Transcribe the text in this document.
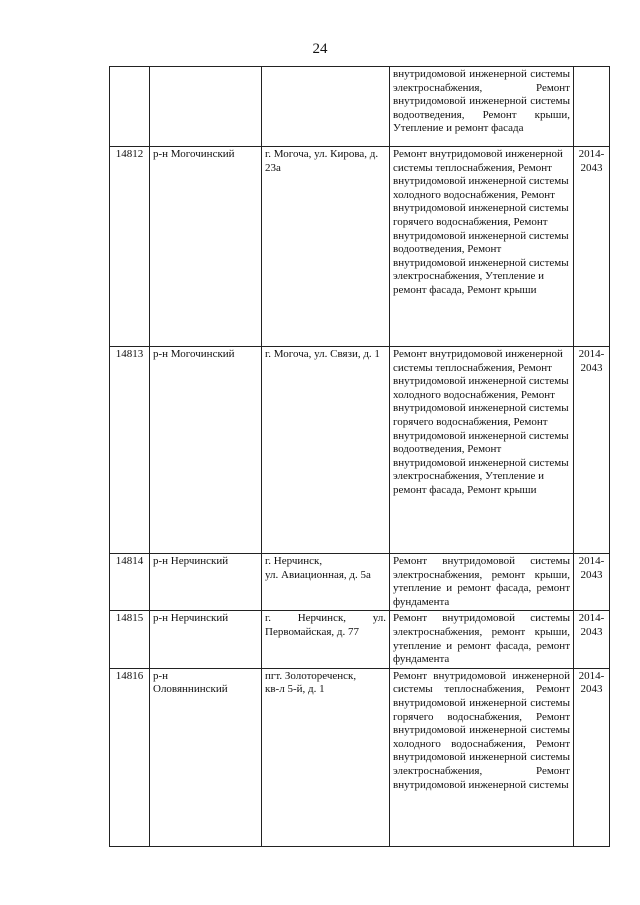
24
			внутридомовой инженерной системы электроснабжения, Ремонт внутридомовой инженерной системы водоотведения, Ремонт крыши, Утепление и ремонт фасада	
14812	р-н Могочинский	г. Могоча, ул. Кирова, д. 23а	Ремонт внутридомовой инженерной системы теплоснабжения, Ремонт внутридомовой инженерной системы холодного водоснабжения, Ремонт внутридомовой инженерной системы горячего водоснабжения, Ремонт внутридомовой инженерной системы водоотведения, Ремонт внутридомовой инженерной системы электроснабжения, Утепление и ремонт фасада, Ремонт крыши	2014-
2043
14813	р-н Могочинский	г. Могоча, ул. Связи, д. 1	Ремонт внутридомовой инженерной системы теплоснабжения, Ремонт внутридомовой инженерной системы холодного водоснабжения, Ремонт внутридомовой инженерной системы горячего водоснабжения, Ремонт внутридомовой инженерной системы водоотведения, Ремонт внутридомовой инженерной системы электроснабжения, Утепление и ремонт фасада, Ремонт крыши	2014-
2043
14814	р-н Нерчинский	г. Нерчинск,
ул. Авиационная, д. 5а	Ремонт внутридомовой системы электроснабжения, ремонт крыши, утепление и ремонт фасада, ремонт фундамента	2014-
2043
14815	р-н Нерчинский	г. Нерчинск, ул. Первомайская, д. 77	Ремонт внутридомовой системы электроснабжения, ремонт крыши, утепление и ремонт фасада, ремонт фундамента	2014-
2043
14816	р-н
Оловяннинский	пгт. Золотореченск,
кв-л 5-й, д. 1	Ремонт внутридомовой инженерной системы теплоснабжения, Ремонт внутридомовой инженерной системы горячего водоснабжения, Ремонт внутридомовой инженерной системы холодного водоснабжения, Ремонт внутридомовой инженерной системы электроснабжения, Ремонт внутридомовой инженерной системы	2014-
2043
